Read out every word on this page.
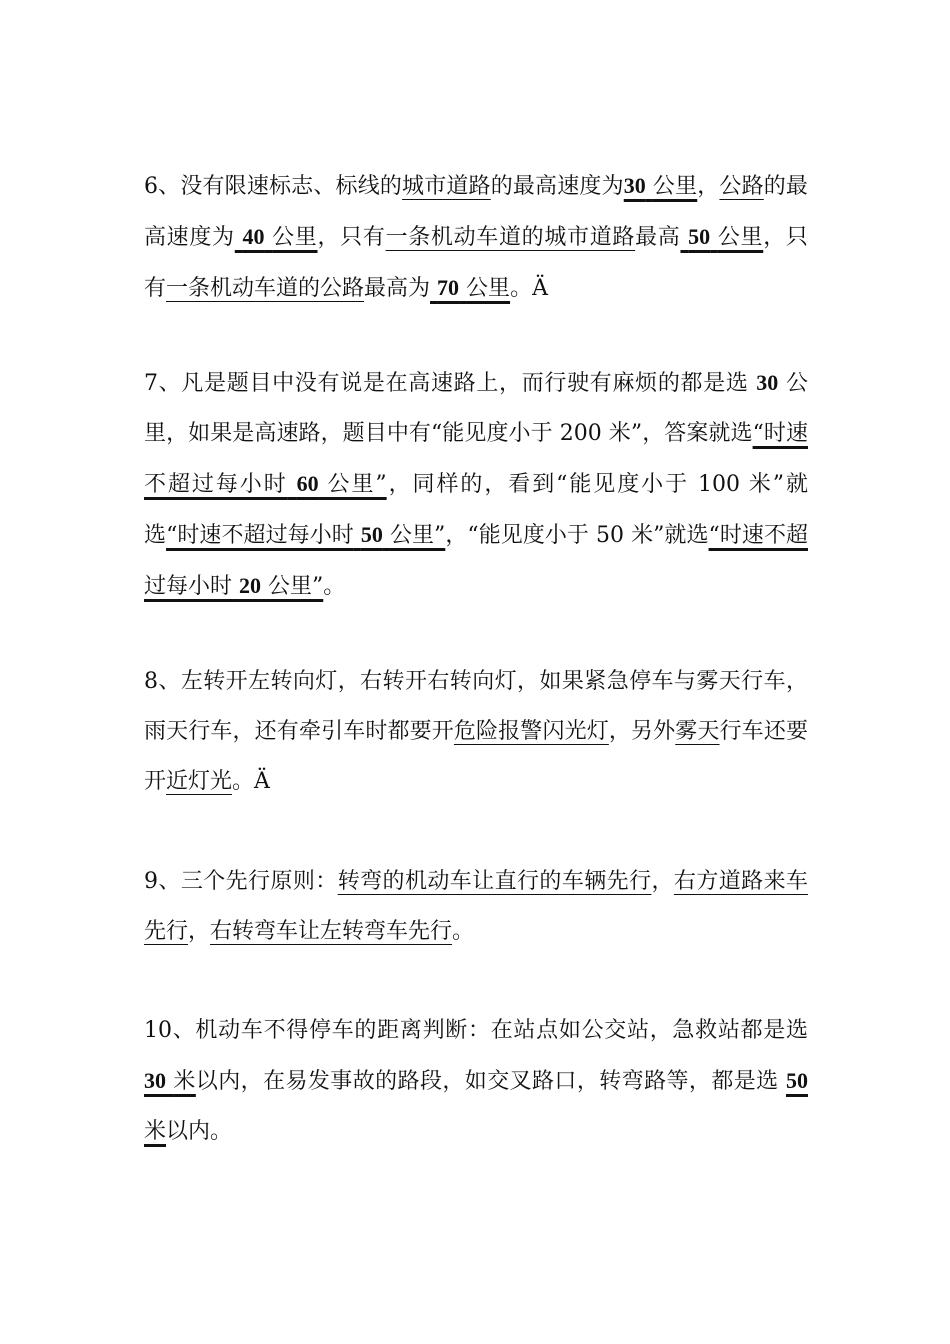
6、没有限速标志、标线的城市道路的最高速度为30 公里，公路的最高速度为 40 公里，只有一条机动车道的城市道路最高 50 公里，只有一条机动车道的公路最高为 70 公里。Ä

7、凡是题目中没有说是在高速路上，而行驶有麻烦的都是选 30 公里，如果是高速路，题目中有“能见度小于 200 米”，答案就选“时速不超过每小时 60 公里”，同样的，看到“能见度小于 100 米”就选“时速不超过每小时 50 公里”，“能见度小于 50 米”就选“时速不超过每小时 20 公里”。

8、左转开左转向灯，右转开右转向灯，如果紧急停车与雾天行车，雨天行车，还有牵引车时都要开危险报警闪光灯，另外雾天行车还要开近灯光。Ä

9、三个先行原则：转弯的机动车让直行的车辆先行，右方道路来车先行，右转弯车让左转弯车先行。

10、机动车不得停车的距离判断：在站点如公交站，急救站都是选30 米以内，在易发事故的路段，如交叉路口，转弯路等，都是选 50米以内。
